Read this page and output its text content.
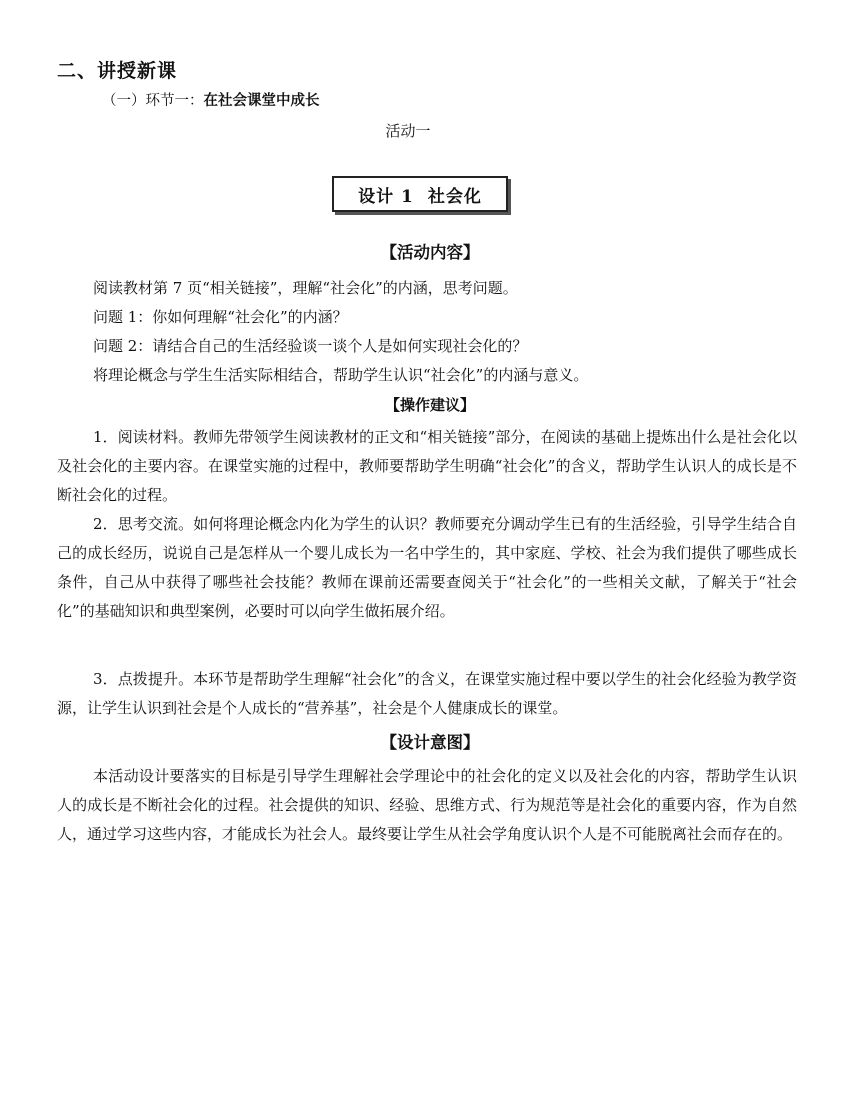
二、讲授新课
（一）环节一：在社会课堂中成长
活动一
设计 1 社会化
【活动内容】
阅读教材第 7 页“相关链接”，理解“社会化”的内涵，思考问题。
问题 1：你如何理解“社会化”的内涵？
问题 2：请结合自己的生活经验谈一谈个人是如何实现社会化的？
将理论概念与学生生活实际相结合，帮助学生认识“社会化”的内涵与意义。
【操作建议】

1．阅读材料。教师先带领学生阅读教材的正文和“相关链接”部分，在阅读的基础上提炼出什么是社会化以及社会化的主要内容。在课堂实施的过程中，教师要帮助学生明确“社会化”的含义，帮助学生认识人的成长是不断社会化的过程。

2．思考交流。如何将理论概念内化为学生的认识？教师要充分调动学生已有的生活经验，引导学生结合自己的成长经历，说说自己是怎样从一个婴儿成长为一名中学生的，其中家庭、学校、社会为我们提供了哪些成长条件，自己从中获得了哪些社会技能？教师在课前还需要查阅关于“社会化”的一些相关文献，了解关于“社会化”的基础知识和典型案例，必要时可以向学生做拓展介绍。

3．点拨提升。本环节是帮助学生理解“社会化”的含义，在课堂实施过程中要以学生的社会化经验为教学资源，让学生认识到社会是个人成长的“营养基”，社会是个人健康成长的课堂。

【设计意图】

本活动设计要落实的目标是引导学生理解社会学理论中的社会化的定义以及社会化的内容，帮助学生认识人的成长是不断社会化的过程。社会提供的知识、经验、思维方式、行为规范等是社会化的重要内容，作为自然人，通过学习这些内容，才能成长为社会人。最终要让学生从社会学角度认识个人是不可能脱离社会而存在的。
